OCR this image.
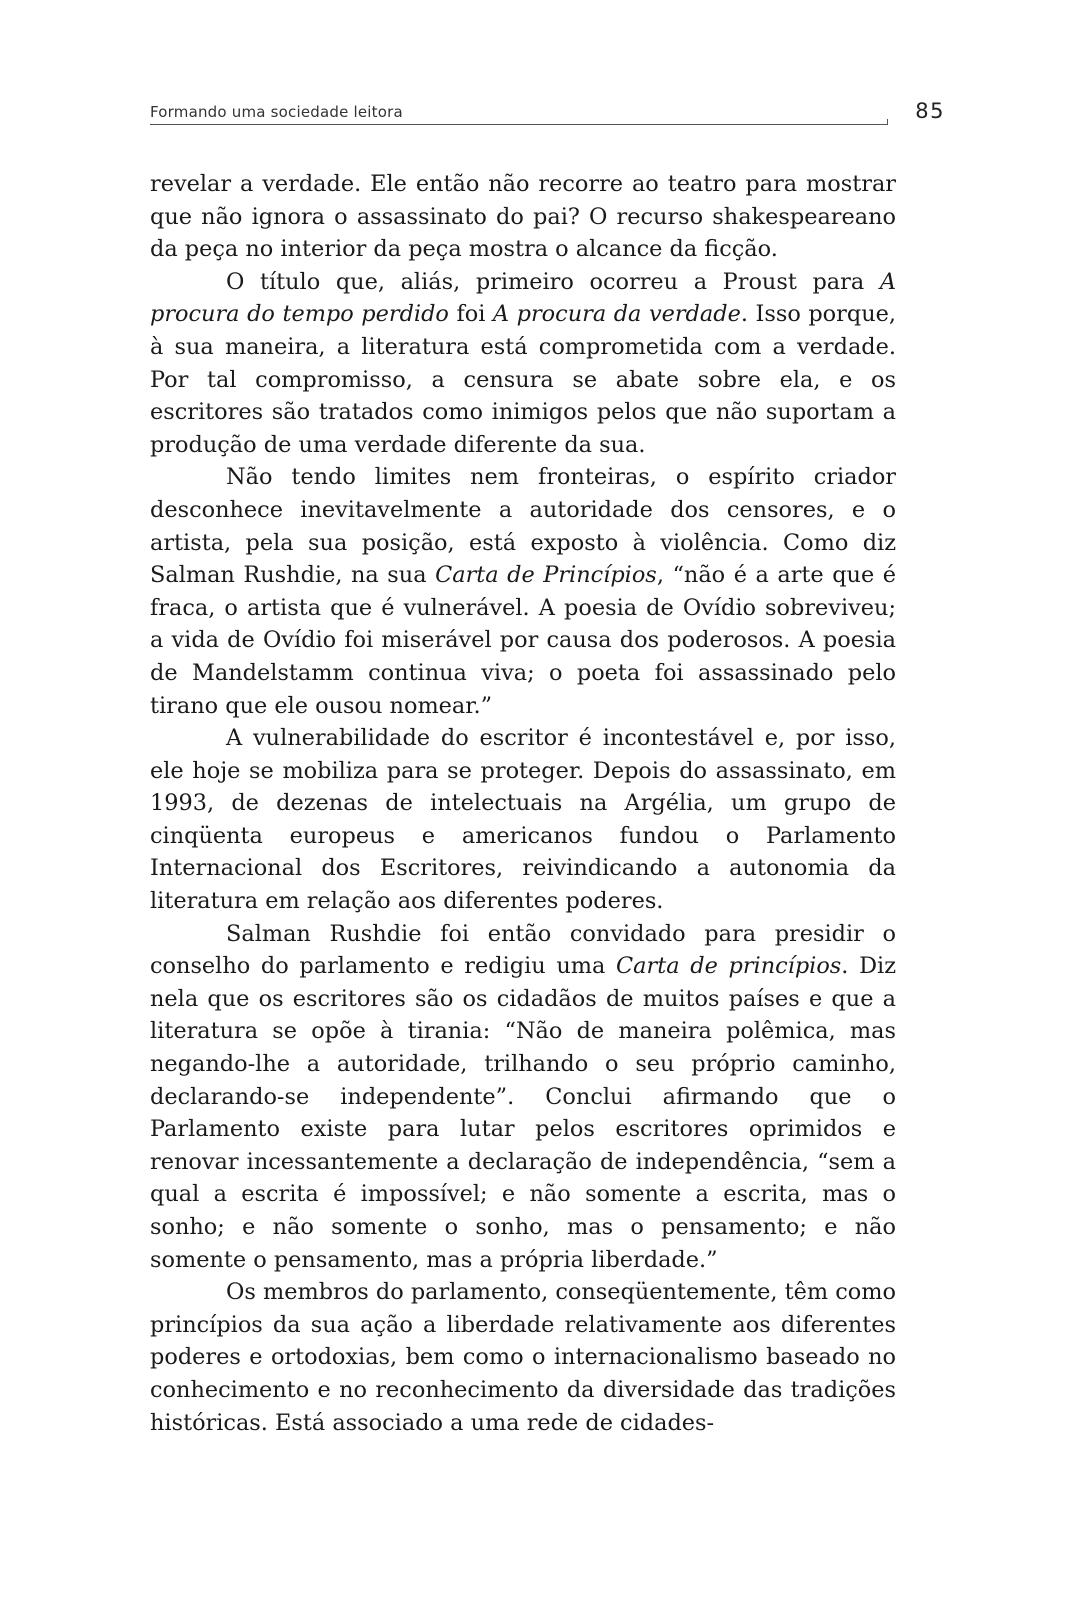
Formando uma sociedade leitora	85

revelar a verdade. Ele então não recorre ao teatro para mostrar que não ignora o assassinato do pai? O recurso shakespeareano da peça no interior da peça mostra o alcance da ficção.

O título que, aliás, primeiro ocorreu a Proust para A procura do tempo perdido foi A procura da verdade. Isso porque, à sua maneira, a literatura está comprometida com a verdade. Por tal compromisso, a censura se abate sobre ela, e os escritores são tratados como inimigos pelos que não suportam a produção de uma verdade diferente da sua.

Não tendo limites nem fronteiras, o espírito criador desconhece inevitavelmente a autoridade dos censores, e o artista, pela sua posição, está exposto à violência. Como diz Salman Rushdie, na sua Carta de Princípios, “não é a arte que é fraca, o artista que é vulnerável. A poesia de Ovídio sobreviveu; a vida de Ovídio foi miserável por causa dos poderosos. A poesia de Mandelstamm continua viva; o poeta foi assassinado pelo tirano que ele ousou nomear.”

A vulnerabilidade do escritor é incontestável e, por isso, ele hoje se mobiliza para se proteger. Depois do assassinato, em 1993, de dezenas de intelectuais na Argélia, um grupo de cinqüenta europeus e americanos fundou o Parlamento Internacional dos Escritores, reivindicando a autonomia da literatura em relação aos diferentes poderes.

Salman Rushdie foi então convidado para presidir o conselho do parlamento e redigiu uma Carta de princípios. Diz nela que os escritores são os cidadãos de muitos países e que a literatura se opõe à tirania: “Não de maneira polêmica, mas negando-lhe a autoridade, trilhando o seu próprio caminho, declarando-se independente”. Conclui afirmando que o Parlamento existe para lutar pelos escritores oprimidos e renovar incessantemente a declaração de independência, “sem a qual a escrita é impossível; e não somente a escrita, mas o sonho; e não somente o sonho, mas o pensamento; e não somente o pensamento, mas a própria liberdade.”

Os membros do parlamento, conseqüentemente, têm como princípios da sua ação a liberdade relativamente aos diferentes poderes e ortodoxias, bem como o internacionalismo baseado no conhecimento e no reconhecimento da diversidade das tradições históricas. Está associado a uma rede de cidades-
